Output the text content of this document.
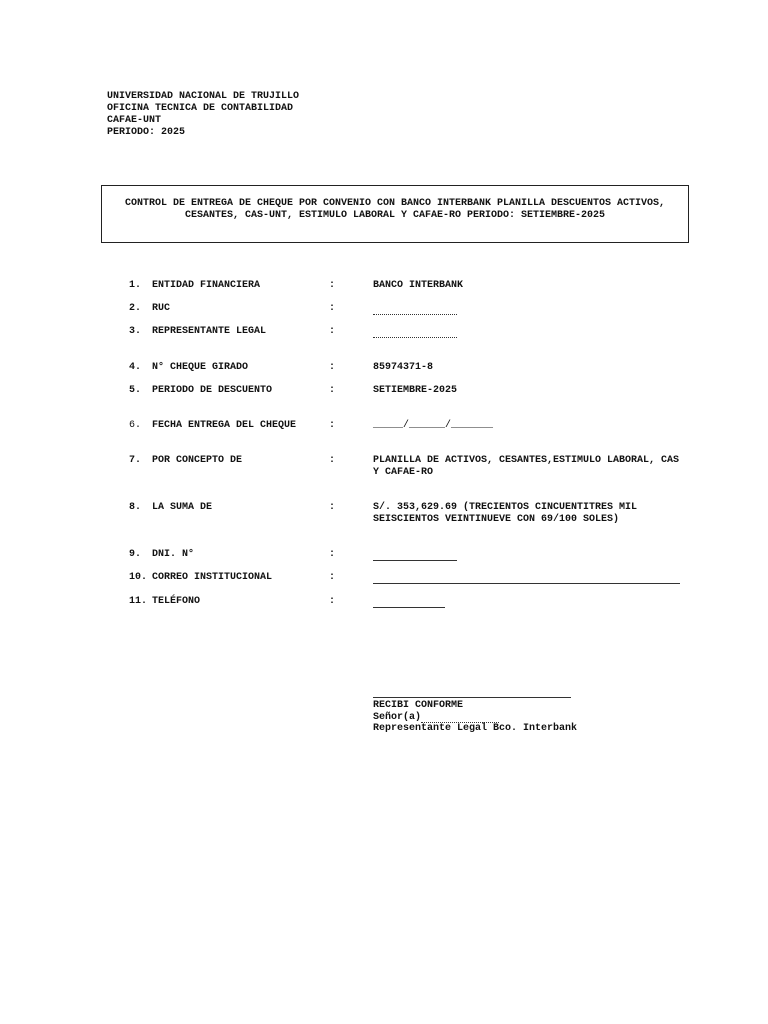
UNIVERSIDAD NACIONAL DE TRUJILLO
OFICINA TECNICA DE CONTABILIDAD
CAFAE-UNT
PERIODO: 2025
CONTROL DE ENTREGA DE CHEQUE POR CONVENIO CON BANCO INTERBANK PLANILLA DESCUENTOS ACTIVOS,
CESANTES, CAS-UNT, ESTIMULO LABORAL Y CAFAE-RO PERIODO: SETIEMBRE-2025
1. ENTIDAD FINANCIERA	:	BANCO INTERBANK
2. RUC	:
3. REPRESENTANTE LEGAL	:
4. N° CHEQUE GIRADO	:	85974371-8
5. PERIODO DE DESCUENTO	:	SETIEMBRE-2025
6. FECHA ENTREGA DEL CHEQUE	:	_____/______/_______
7. POR CONCEPTO DE	:	PLANILLA DE ACTIVOS, CESANTES,ESTIMULO LABORAL, CAS Y CAFAE-RO
8. LA SUMA DE	:	S/. 353,629.69 (TRECIENTOS CINCUENTITRES MIL SEISCIENTOS VEINTINUEVE CON 69/100 SOLES)
9. DNI. N°	:
10. CORREO INSTITUCIONAL	:
11. TELÉFONO	:
RECIBI CONFORME
Señor(a)
Representante Legal Bco. Interbank
